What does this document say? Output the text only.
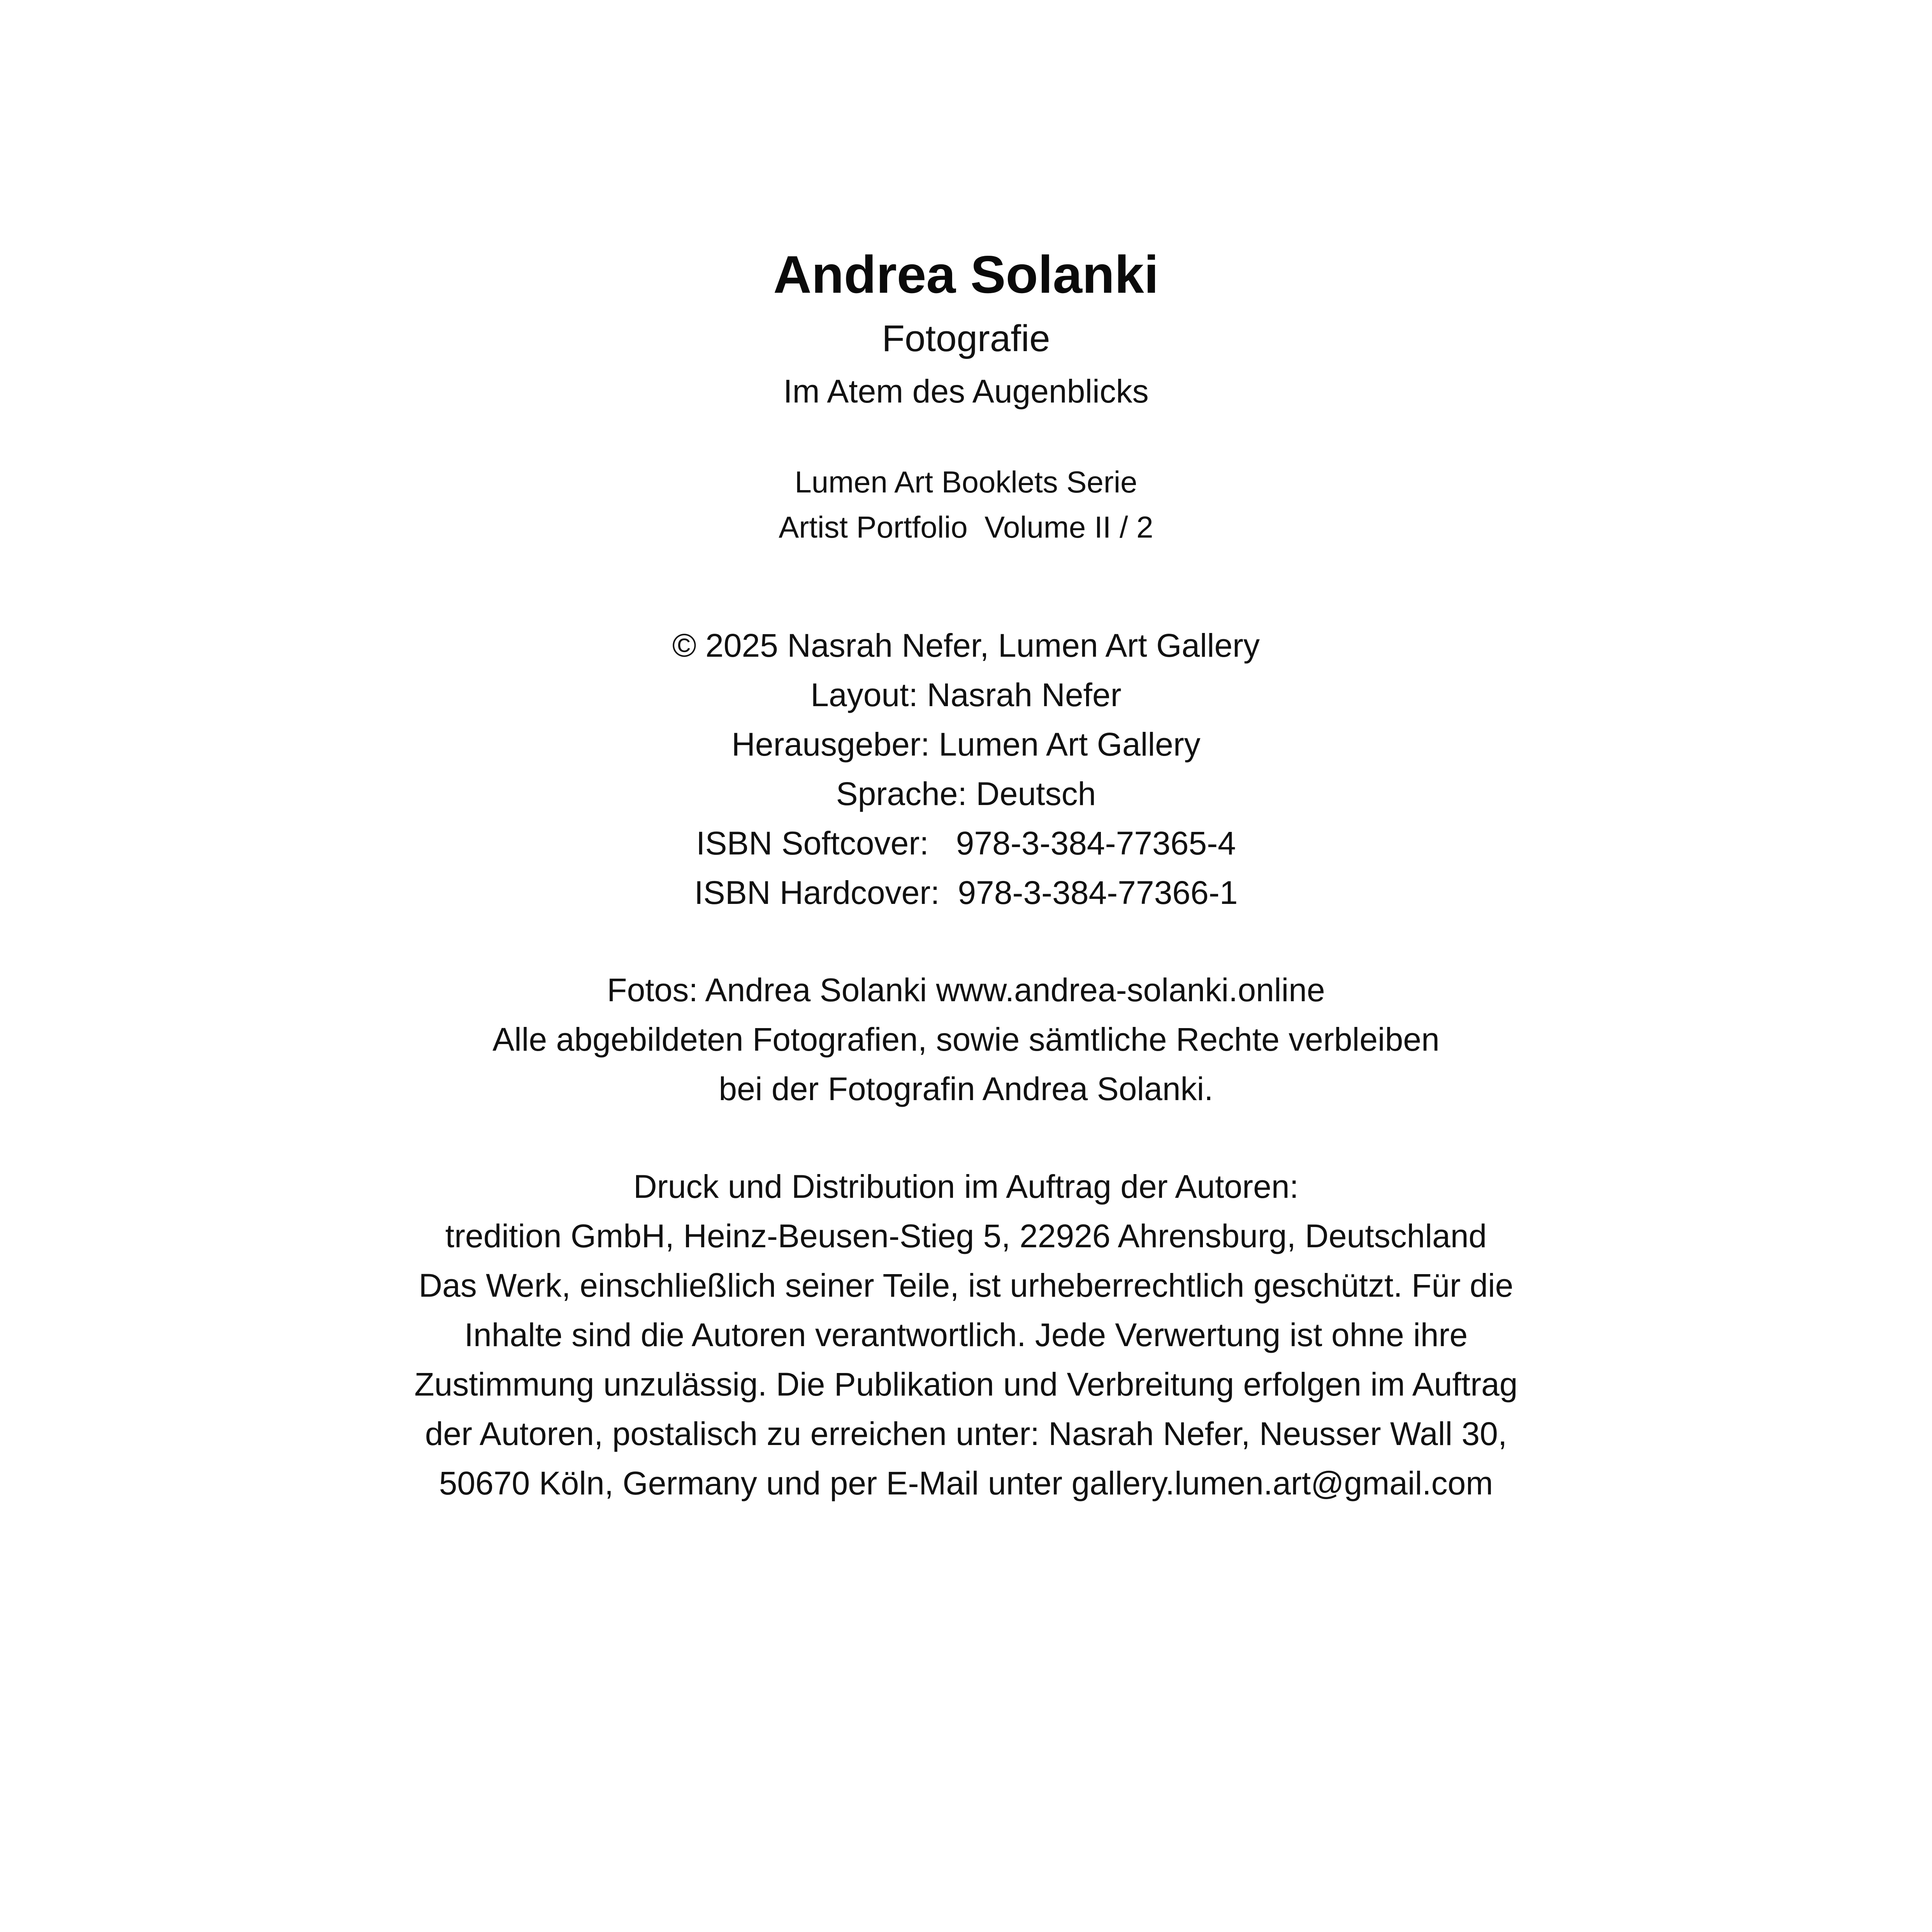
Andrea Solanki
Fotografie
Im Atem des Augenblicks
Lumen Art Booklets Serie
Artist Portfolio  Volume II / 2
© 2025 Nasrah Nefer, Lumen Art Gallery
Layout: Nasrah Nefer
Herausgeber: Lumen Art Gallery
Sprache: Deutsch
ISBN Softcover:   978-3-384-77365-4
ISBN Hardcover:  978-3-384-77366-1
Fotos: Andrea Solanki www.andrea-solanki.online
Alle abgebildeten Fotografien, sowie sämtliche Rechte verbleiben
bei der Fotografin Andrea Solanki.
Druck und Distribution im Auftrag der Autoren:
tredition GmbH, Heinz-Beusen-Stieg 5, 22926 Ahrensburg, Deutschland
Das Werk, einschließlich seiner Teile, ist urheberrechtlich geschützt. Für die
Inhalte sind die Autoren verantwortlich. Jede Verwertung ist ohne ihre
Zustimmung unzulässig. Die Publikation und Verbreitung erfolgen im Auftrag
der Autoren, postalisch zu erreichen unter: Nasrah Nefer, Neusser Wall 30,
50670 Köln, Germany und per E-Mail unter gallery.lumen.art@gmail.com
